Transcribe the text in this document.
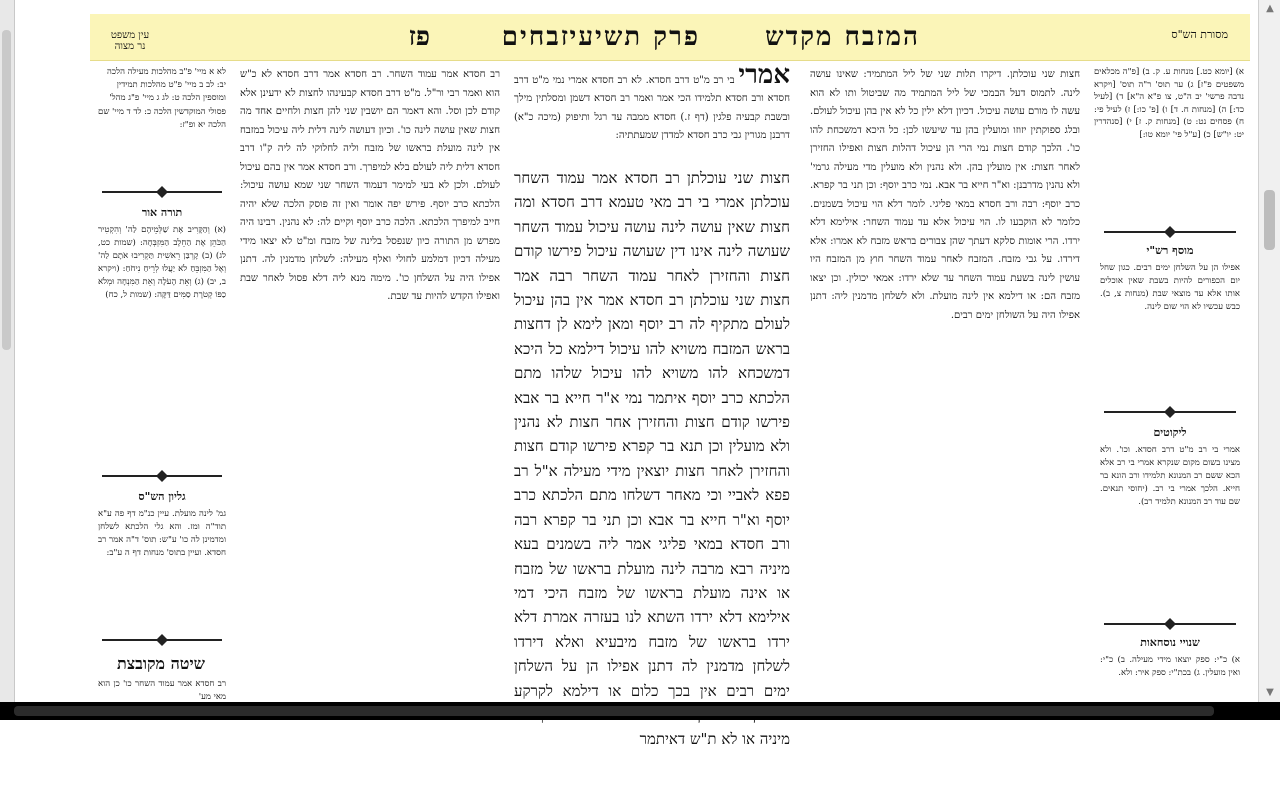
▲
▼
מסורת הש"ס
המזבח מקדש
פרק תשיעי
זבחים
פז
עין משפט
נר מצוה

א) [יומא כט.] מנחות ע. ק. ב) [פ"ה מכלאים משפטים פ"ז] ג) ער תוס' ר"ה תוס' [ויקרא נדבה פרשי' יב ה"ט, צו פ"א ה"א] ד) [לעיל כד:] ה) [מנחות ח. ד] ו) [פ' כו:] ז) לעיל פי: ח) פסחים נט: ט) [מנחות ק. ז] י) [סנהדרין יט: יו"ש] כ) [ע"ל פי' יומא טו:]

מוסף רש"י
אפילו הן על השלחן ימים רבים. כגון שחל יום הכפורים להיות בשבת שאין אוכלים אותו אלא עד מוצאי שבת (מנחות צ, ב). כבש עכשיו לא הוי שום לינה.
ליקוטים
אמרי בי רב מ"ט דרב חסדא. וכו'. ולא מצינו בשום מקום שנקרא אמרי בי רב אלא הכא ששם רב המנונא תלמידו ורב הונא בר חייא. הלכך אמרי בי רב. (יחוסי תנאים. שם עוד רב המנונא תלמיד רב).
שנויי נוסחאות
א) כ"י: ספק יוצאו מידי מעילה. ב) כ"י: ואין מועלין. ג) בכת"י: ספק איר: ולא.

חצות שני עוכלתן. דיקרו תלות שני של ליל המתמיד: שאינו עושה לינה. לתמוס דעל הבמכי של ליל המתמיד מה שביטול ותו לא הוא עשה לו מורם עושה עיכול. דכיון דלא ילין כל לא אין בהן עיכול לעולם. ובלג ספוקתין יזוזו ומועלין בהן עד שיעשו לכן: כל היכא דמשכחת להו כו'. הלכך קודם חצות נמי הרי הן עיכול דהלות חצות ואפילו החזירן לאחר חצות: אין מועלין בהן. ולא נהנין ולא מועלין מדי מעילה גרמי' ולא נהנין מדרבנן: וא"ר חייא בר אבא. נמי כרב יוסף: וכן תני בר קפרא. כרב יוסף: רבה ורב חסדא במאי פליגי. לומר דלא הוי עיכול בשמנים. כלומר לא הוקבעו לו. הוי עיכול אלא עד עמוד השחר: אילימא דלא ירדו. הרי אומות סלקא דעתך שהן צבורים בראש מזבח לא אמרו: אלא דירדו. על גבי מזבח. המזבח לאחר עמוד השחר חוץ מן המזבח היו עושין לינה בשעת עמוד השחר עד שלא ירדו: אמאי יכולין. וכן יצאו מזבח הם: או דילמא אין לינה מועלת. ולא לשלחן מדמנין ליה: דתנן אפילו היה על השולחן ימים רבים.

אמרי בי רב מ"ט דרב חסדא. לא רב חסדא אמרי נמי מ"ט דרב חסדא ורב חסדא תלמידו הכי אמר ואמר רב חסדא דשמן ומסלתין מילך ובשבת קבעיה פלגין (דף ז.) חסדא ממבה עד רגל ותיפוק (מיכה כ"א) דרבנן מגורין גבי כרב חסדא למדדן שמעתתיה:

חצות שני עוכלתן רב חסדא אמר עמוד השחר עוכלתן אמרי בי רב מאי טעמא דרב חסדא ומה חצות שאין עושה לינה עושה עיכול עמוד השחר שעושה לינה אינו דין שעושה עיכול פירשו קודם חצות והחזירן לאחר עמוד השחר רבה אמר חצות שני עוכלתן רב חסדא אמר אין בהן עיכול לעולם מתקיף לה רב יוסף ומאן לימא לן דחצות בראש המזבח משויא להו עיכול דילמא כל היכא דמשכחא להו משויא להו עיכול שלהו מתם הלכתא כרב יוסף איתמר נמי א"ר חייא בר אבא פירשו קודם חצות והחזירן אחר חצות לא נהנין ולא מועלין וכן תנא בר קפרא פירשו קודם חצות והחזירן לאחר חצות יוצאין מידי מעילה א"ל רב פפא לאביי וכי מאחר דשלחו מתם הלכתא כרב יוסף וא"ר חייא בר אבא וכן תני בר קפרא רבה ורב חסדא במאי פליגי אמר ליה בשמנים בעא מיניה רבא מרבה לינה מועלת בראשו של מזבח או אינה מועלת בראשו של מזבח היכי דמי אילימא דלא ירדו השתא לנו בעזרה אמרת דלא ירדו בראשו של מזבח מיבעיא ואלא דירדו לשלחן מדמנין לה דתנן אפילו הן על השלחן ימים רבים אין בכך כלום או דילמא לקרקע מיניה או לא ת"ש דאיתמר

רב חסדא אמר עמוד השחר. רב חסדא אמר דרב חסדא לא כ"ש הוא ואמר רבי ור"ל. מ"ט דרב חסדא קבעינהו לחצות לא ידעינן אלא קודם לכן וסל. והא דאמר הם יושבין שני להן חצות ולחיים אחד מה חצות שאין עושה לינה כו'. וכיון דעושה לינה דלית ליה עיכול במזבח אין לינה מועלת בראשו של מזבח וליה לחלוקי לה ליה ק"ו דרב חסדא דלית ליה לעולם בלא למיפרך. ורב חסדא אמר אין בהם עיכול לעולם. ולכן לא בעי למימר דעמוד השחר שני שמא עושה עיכול: הלכתא כרב יוסף. פירש יפה אומר ואין זה פוסק הלכה שלא יהיה חייב למיפרך הלכתא. הלכה כרב יוסף וקיים לה: לא נהנין. רבינו היה מפרש מן התורה כיון שנפסל בלינה של מזבח ומ"ט לא יצאו מידי מעילה דכיון דמלמע לחולי ואלף מעילה: לשלחן מדמנין לה. דתנן אפילו היה על השלחן כו'. מימה מנא ליה דלא פסול לאחר שבת ואפילו הקדש להיות עד שבת.

לא א מיי' פ"ב מהלכות מעילה הלכה יב: לב ב מיי' פ"ט מהלכות תמידין ומוספין הלכה ט: לג ג מיי' פ"ג מהל' פסולי המוקדשין הלכה כ: לד ד מיי' שם הלכה יא ופ"ז:

תורה אור
(א) וְהַקָּרִיב אֶת שַׁלְּמֵיהֶם לַה' וְהִקְטִיר הַכֹּהֵן אֶת הַחֵלֶב הַמִּזְבְּחָה: (שמות כט, לג) (ב) קָרְבַּן רֵאשִׁית תַּקְרִיבוּ אֹתָם לַה' וְאֶל הַמִּזְבֵּחַ לֹא יַעֲלוּ לְרֵיחַ נִיחֹחַ: (ויקרא ב, יב) (ג) וְאֵת הָעֹלָה וְאֵת הַמִּנְחָה וּמְלֹא כַפּוֹ קְטֹרֶת סַמִּים דַּקָּה: (שמות ל, כח)
גליון הש"ס
גמ' לינה מועלת. עיין כנ"מ דף פה ע"א תוד"ה ומז. והא גלי הלכתא לשלחן ומדמינן לה כו' ע"ש: תוס' ד"ה אמר רב חסדא. ועיין בתוס' מנחות דף ה ע"ב:
שיטה מקובצת
רב חסדא אמר עמוד השחר כו' כן הוא מאי מע'
